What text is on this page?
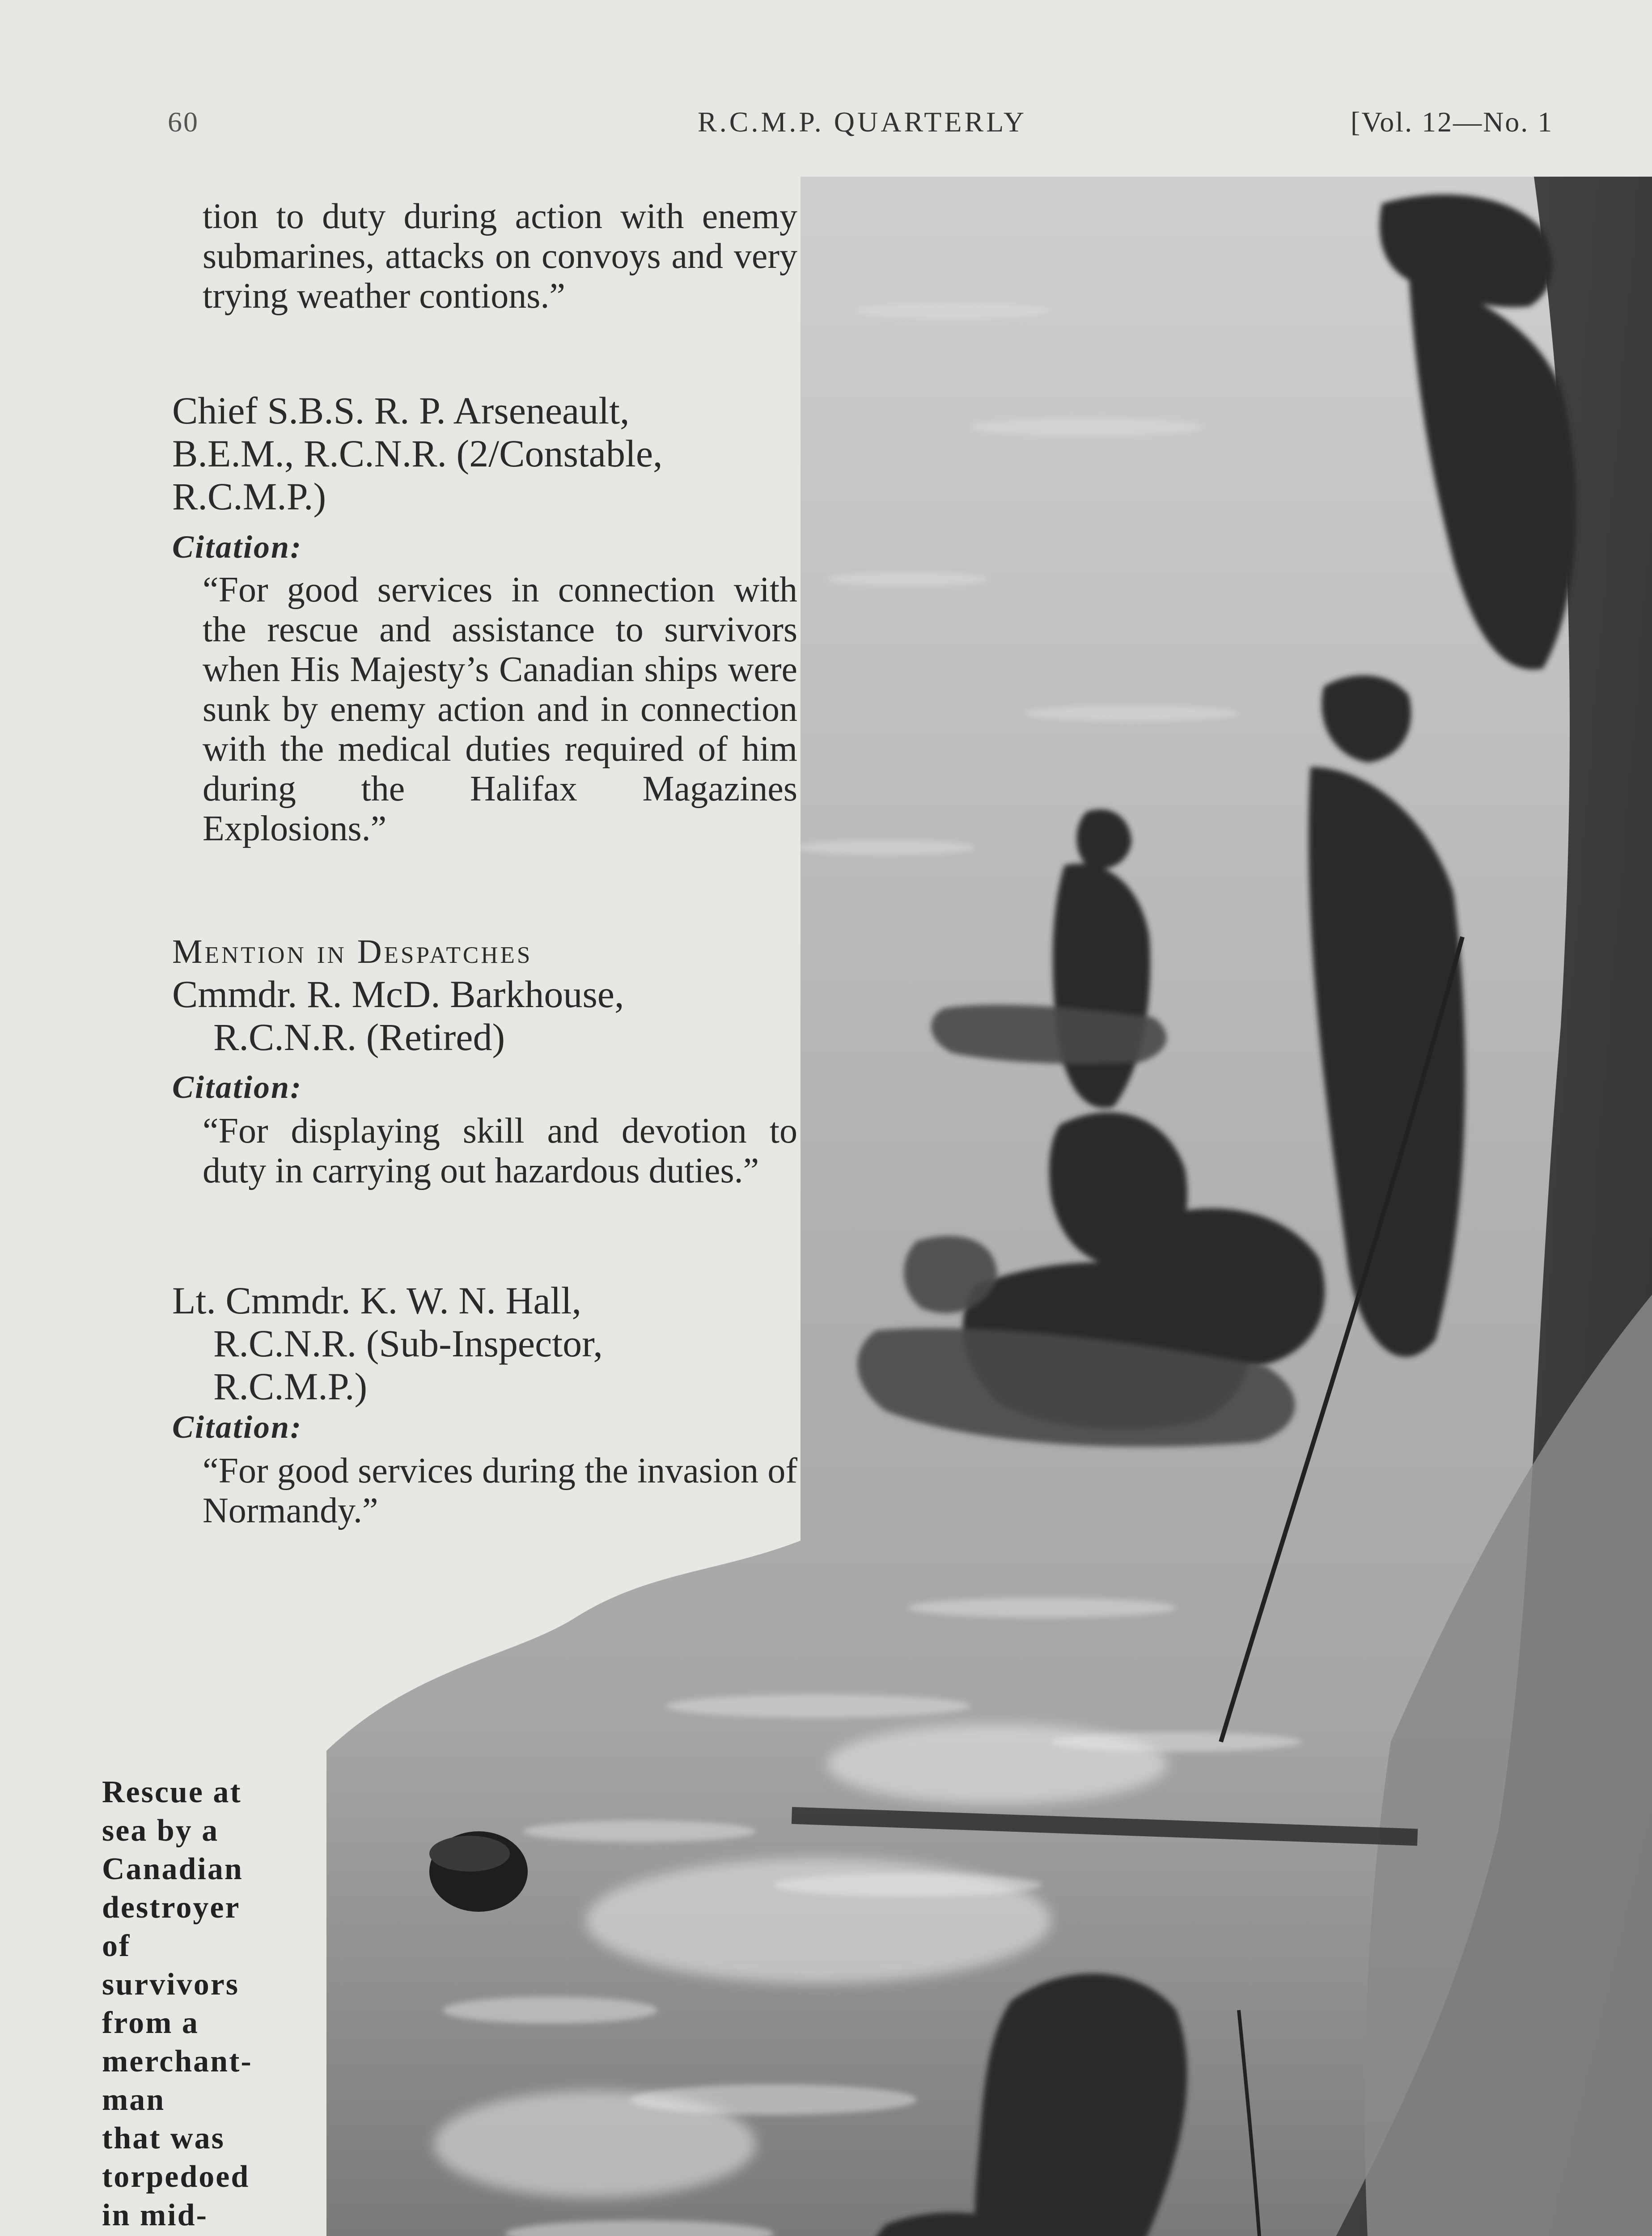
60	R.C.M.P. QUARTERLY	[Vol. 12—No. 1
tion to duty during action with enemy submarines, attacks on convoys and very trying weather contions.”
Chief S.B.S. R. P. Arseneault,
B.E.M., R.C.N.R. (2/Constable,
R.C.M.P.)
Citation:
“For good services in connection with the rescue and assistance to survivors when His Majesty’s Canadian ships were sunk by enemy action and in connection with the medical duties required of him during the Halifax Magazines Explosions.”
Mention in Despatches
Cmmdr. R. McD. Barkhouse,
R.C.N.R. (Retired)
Citation:
“For displaying skill and devotion to duty in carrying out hazardous duties.”
Lt. Cmmdr. K. W. N. Hall,
R.C.N.R. (Sub-Inspector,
R.C.M.P.)
Citation:
“For good services during the invasion of Normandy.”
Rescue at
sea by a
Canadian
destroyer
of
survivors
from a
merchant-
man
that was
torpedoed
in mid-
